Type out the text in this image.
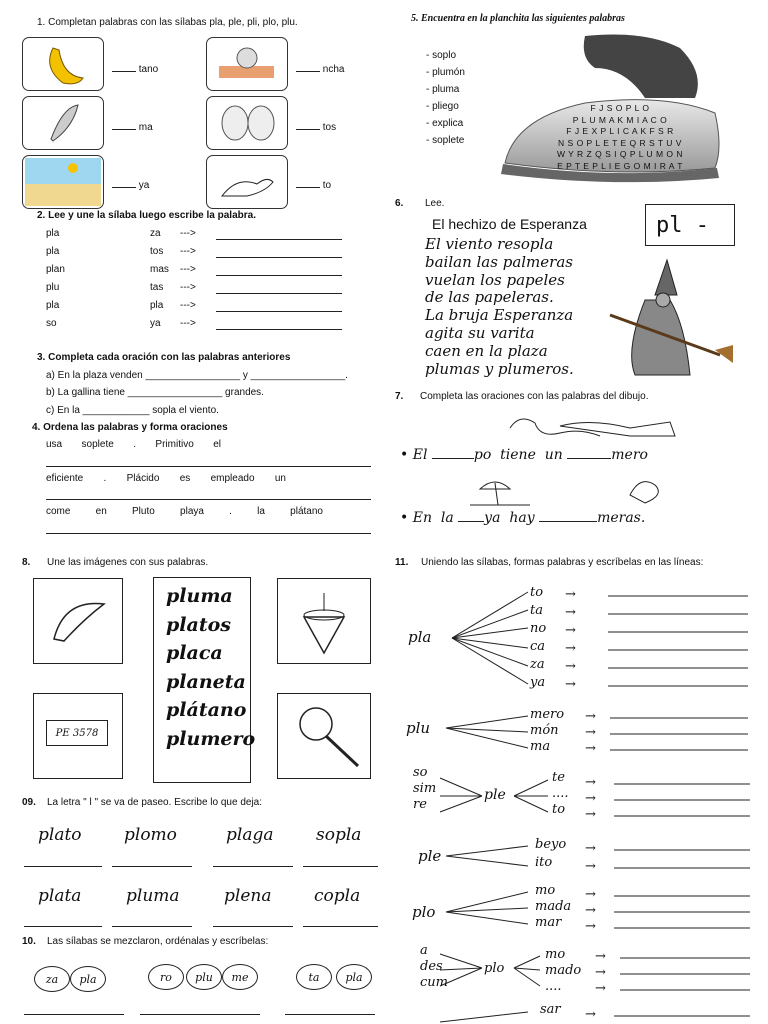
1. Completan palabras con las sílabas pla, ple, pli, plo, plu.
tano	ncha
ma	tos
ya	to
2. Lee y une la sílaba luego escribe la palabra.
pla	za --->
pla	tos --->
plan	mas --->
plu	tas --->
pla	pla --->
so	ya --->
3. Completa cada oración con las palabras anteriores
a) En la plaza venden _________________ y _________________.
b) La gallina tiene _________________ grandes.
c) En la ____________ sopla el viento.
4. Ordena las palabras y forma oraciones
usa soplete . Primitivo el
eficiente . Plácido es empleado un
come	en	Pluto	playa	.	la	plátano
5. Encuentra en la planchita las siguientes palabras
- soplo
- plumón
- pluma
- pliego
- explica
- soplete
F J S O P L O
P L U M A K M I A C O
F J E X P L I C A K F S R
N S O P L E T E Q R S T U V
W Y R Z Q S I Q P L U M O N
E P T E P L I E G O M I R A T
6. Lee.
El hechizo de Esperanza	pl -
El viento resopla
bailan las palmeras
vuelan los papeles
de las papeleras.
La bruja Esperanza
agita su varita
caen en la plaza
plumas y plumeros.
7. Completa las oraciones con las palabras del dibujo.
• El	po tiene un	mero
• En la ya hay	meras.
8. Une las imágenes con sus palabras.
PE 3578
pluma
platos
placa
planeta
plátano
plumero
09. La letra " l " se va de paseo. Escribe lo que deja:
plato plomo	plaga	sopla
plata	pluma	plena	copla
10. Las sílabas se mezclaron, ordénalas y escríbelas:
za	pla	ro	plu	me	ta	pla
11. Uniendo las sílabas, formas palabras y escríbelas en las líneas:
→
→
→
→
→
→
→
→
→
→
→
→
→
→
→
→
→
→
→
→
→
pla
to
ta
no
ca
za
ya
plu
mero
món
ma
so
sim
re
ple
te
....
to
ple
beyo
ito
plo
mo
mada
mar
a
des
cum
plo
mo
mado
....
sar
